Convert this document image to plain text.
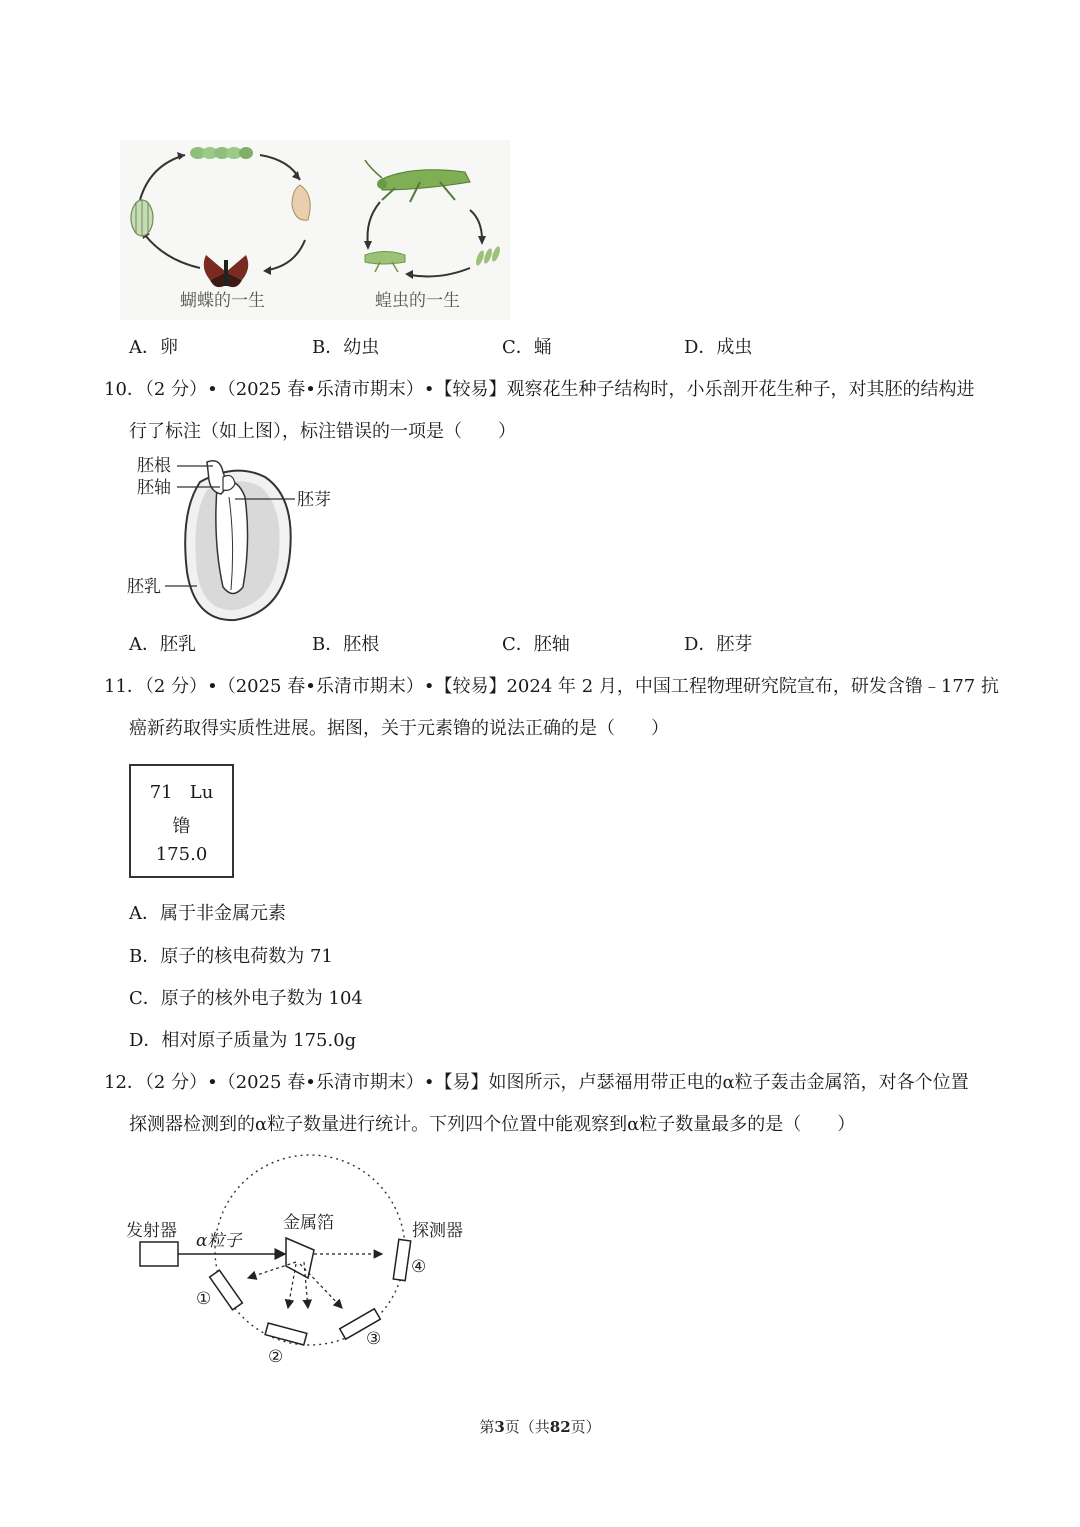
蝴蝶的一生	蝗虫的一生
A．卵	B．幼虫	C．蛹	D．成虫
10．（2 分）•（2025 春•乐清市期末）•【较易】观察花生种子结构时，小乐剖开花生种子，对其胚的结构进
行了标注（如上图），标注错误的一项是（　　）
胚根
胚轴
胚芽
胚乳
A．胚乳	B．胚根	C．胚轴	D．胚芽
11．（2 分）•（2025 春•乐清市期末）•【较易】2024 年 2 月，中国工程物理研究院宣布，研发含镥﹣177 抗
癌新药取得实质性进展。据图，关于元素镥的说法正确的是（　　）
71 Lu
镥
175.0
A．属于非金属元素
B．原子的核电荷数为 71
C．原子的核外电子数为 104
D．相对原子质量为 175.0g
12．（2 分）•（2025 春•乐清市期末）•【易】如图所示，卢瑟福用带正电的α粒子轰击金属箔，对各个位置
探测器检测到的α粒子数量进行统计。下列四个位置中能观察到α粒子数量最多的是（　　）
发射器 α粒子
金属箔	探测器
④
①
②
③
第3页（共82页）
